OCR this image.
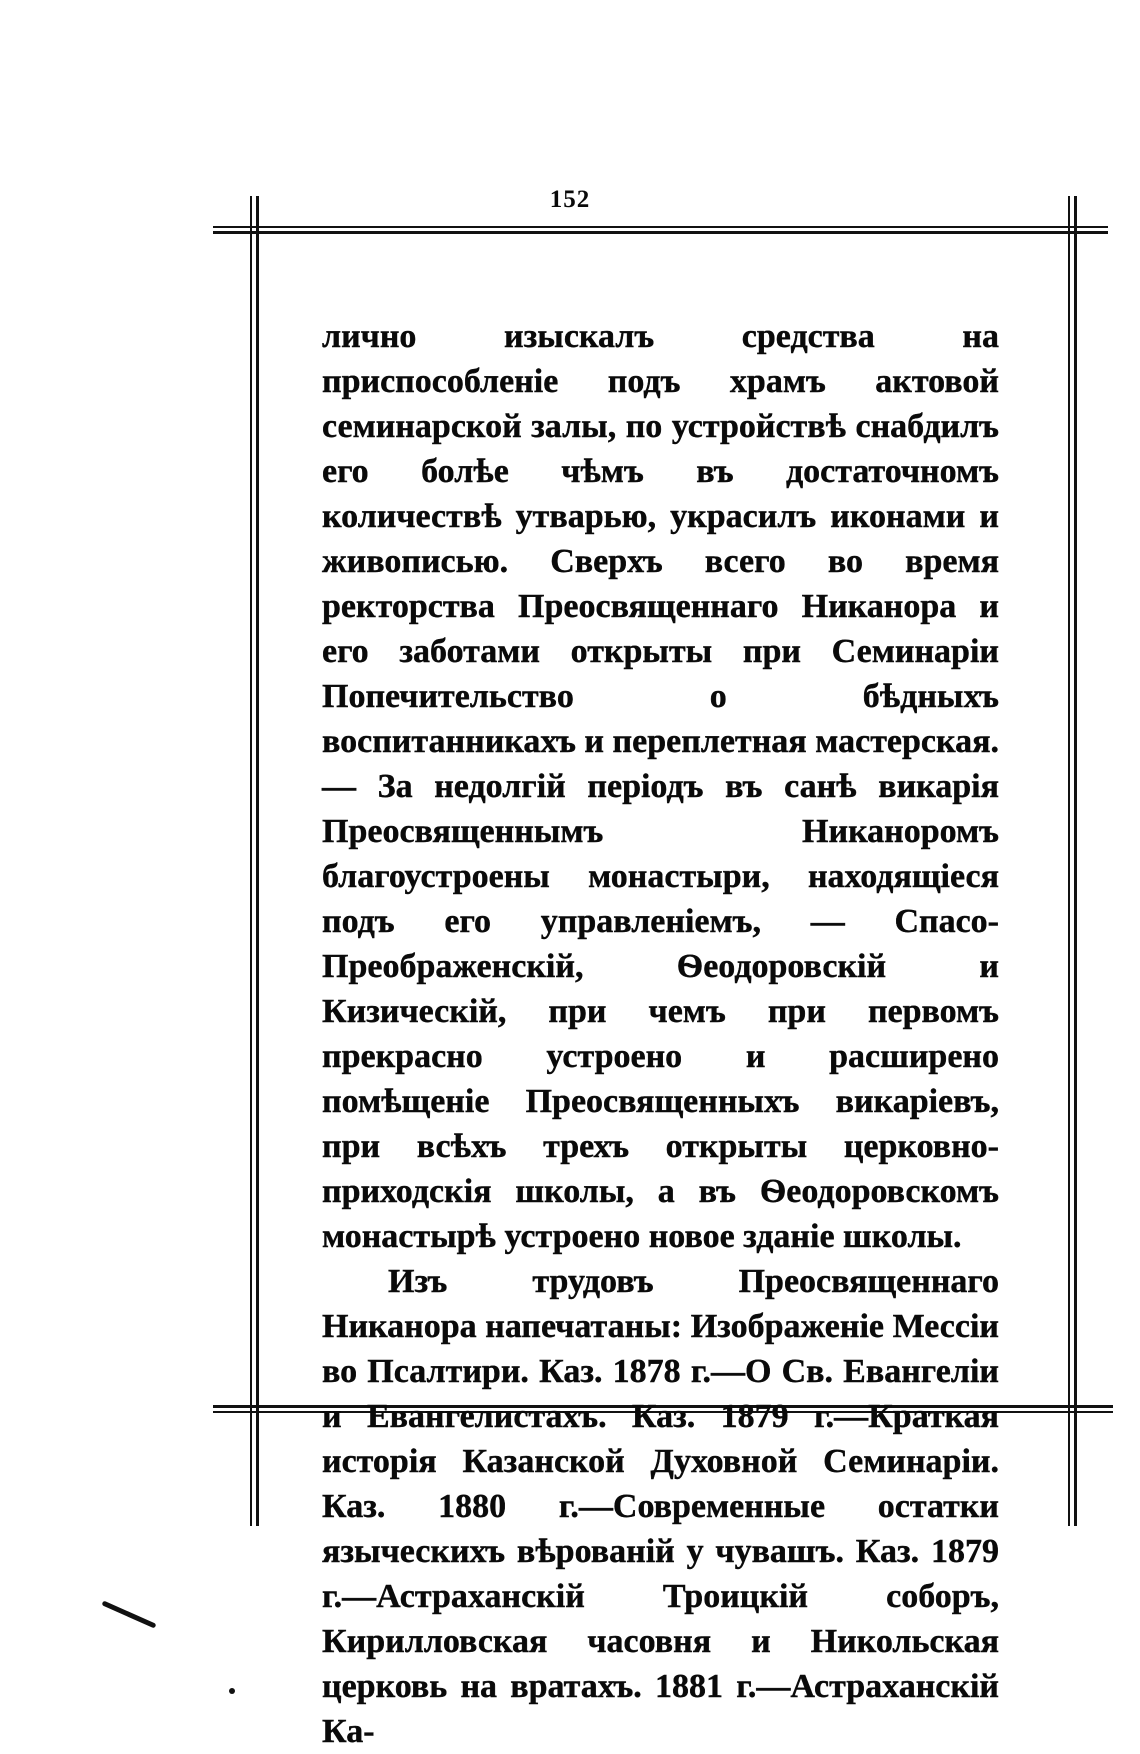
152

лично изыскалъ средства на приспособленіе подъ храмъ актовой семинарской залы, по устройствѣ снабдилъ его болѣе чѣмъ въ достаточномъ количествѣ утварью, украсилъ иконами и живописью. Сверхъ всего во время ректорства Преосвященнаго Никанора и его заботами открыты при Семинаріи Попечительство о бѣдныхъ воспитанникахъ и переплетная мастерская.— За недолгій періодъ въ санѣ викарія Преосвященнымъ Никаноромъ благоустроены монастыри, находящіеся подъ его управленіемъ, — Спасо-Преображенскій, Ѳеодоровскій и Кизическій, при чемъ при первомъ прекрасно устроено и расширено помѣщеніе Преосвященныхъ викаріевъ, при всѣхъ трехъ открыты церковно-приходскія школы, а въ Ѳеодоровскомъ монастырѣ устроено новое зданіе школы.

Изъ трудовъ Преосвященнаго Никанора напечатаны: Изображеніе Мессіи во Псалтири. Каз. 1878 г.—О Св. Евангеліи и Евангелистахъ. Каз. 1879 г.—Краткая исторія Казанской Духовной Семинаріи. Каз. 1880 г.—Современные остатки языческихъ вѣрованій у чувашъ. Каз. 1879 г.—Астраханскій Троицкій соборъ, Кирилловская часовня и Никольская церковь на вратахъ. 1881 г.—Астраханскій Ка-
